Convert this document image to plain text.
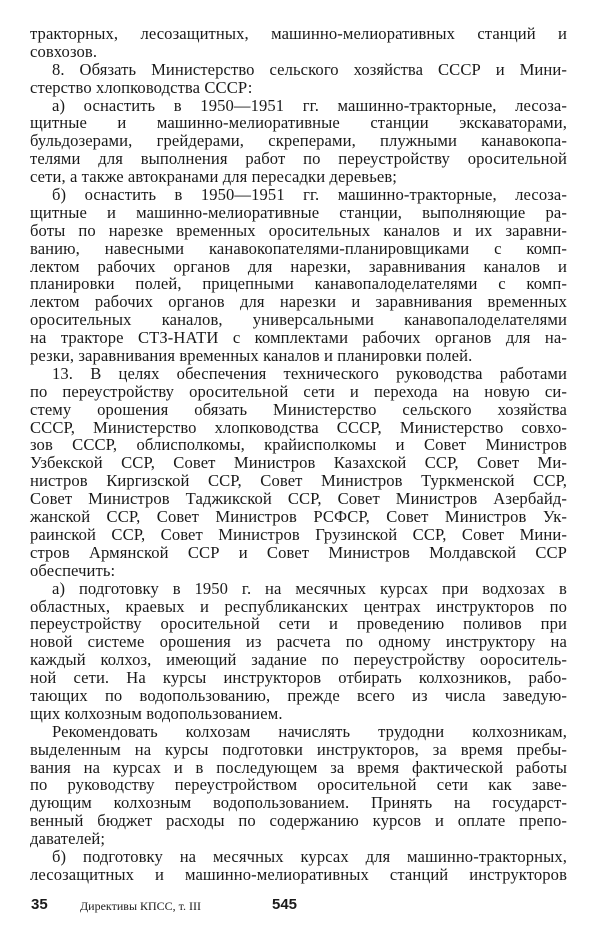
тракторных, лесозащитных, машинно-мелиоративных станций и
совхозов.
8. Обязать Министерство сельского хозяйства СССР и Мини-
стерство хлопководства СССР:
а) оснастить в 1950—1951 гг. машинно-тракторные, лесоза-
щитные и машинно-мелиоративные станции экскаваторами,
бульдозерами, грейдерами, скреперами, плужными канавокопа-
телями для выполнения работ по переустройству оросительной
сети, а также автокранами для пересадки деревьев;
б) оснастить в 1950—1951 гг. машинно-тракторные, лесоза-
щитные и машинно-мелиоративные станции, выполняющие ра-
боты по нарезке временных оросительных каналов и их заравни-
ванию, навесными канавокопателями-планировщиками с комп-
лектом рабочих органов для нарезки, заравнивания каналов и
планировки полей, прицепными канавопалоделателями с комп-
лектом рабочих органов для нарезки и заравнивания временных
оросительных каналов, универсальными канавопалоделателями
на тракторе СТЗ-НАТИ с комплектами рабочих органов для на-
резки, заравнивания временных каналов и планировки полей.
13. В целях обеспечения технического руководства работами
по переустройству оросительной сети и перехода на новую си-
стему орошения обязать Министерство сельского хозяйства
СССР, Министерство хлопководства СССР, Министерство совхо-
зов СССР, облисполкомы, крайисполкомы и Совет Министров
Узбекской ССР, Совет Министров Казахской ССР, Совет Ми-
нистров Киргизской ССР, Совет Министров Туркменской ССР,
Совет Министров Таджикской ССР, Совет Министров Азербайд-
жанской ССР, Совет Министров РСФСР, Совет Министров Ук-
раинской ССР, Совет Министров Грузинской ССР, Совет Мини-
стров Армянской ССР и Совет Министров Молдавской ССР
обеспечить:
а) подготовку в 1950 г. на месячных курсах при водхозах в
областных, краевых и республиканских центрах инструкторов по
переустройству оросительной сети и проведению поливов при
новой системе орошения из расчета по одному инструктору на
каждый колхоз, имеющий задание по переустройству оороситель-
ной сети. На курсы инструкторов отбирать колхозников, рабо-
тающих по водопользованию, прежде всего из числа заведую-
щих колхозным водопользованием.
Рекомендовать колхозам начислять трудодни колхозникам,
выделенным на курсы подготовки инструкторов, за время пребы-
вания на курсах и в последующем за время фактической работы
по руководству переустройством оросительной сети как заве-
дующим колхозным водопользованием. Принять на государст-
венный бюджет расходы по содержанию курсов и оплате препо-
давателей;
б) подготовку на месячных курсах для машинно-тракторных,
лесозащитных и машинно-мелиоративных станций инструкторов
35	Директивы КПСС, т. III	545
